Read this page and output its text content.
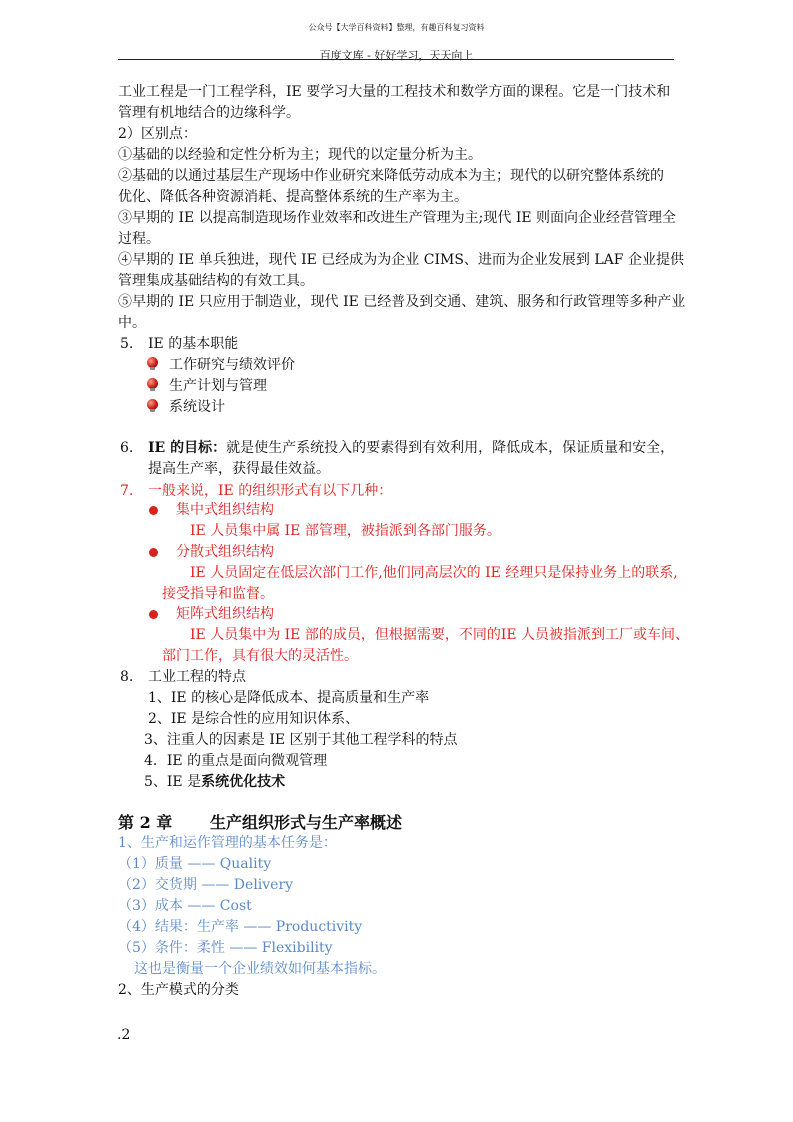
公众号【大学百科资料】整理，有趣百科复习资料
百度文库 - 好好学习，天天向上
工业工程是一门工程学科，IE 要学习大量的工程技术和数学方面的课程。它是一门技术和
管理有机地结合的边缘科学。
2）区别点：
①基础的以经验和定性分析为主；现代的以定量分析为主。
②基础的以通过基层生产现场中作业研究来降低劳动成本为主；现代的以研究整体系统的
优化、降低各种资源消耗、提高整体系统的生产率为主。
③早期的 IE 以提高制造现场作业效率和改进生产管理为主;现代 IE 则面向企业经营管理全
过程。
④早期的 IE 单兵独进，现代 IE 已经成为为企业 CIMS、进而为企业发展到 LAF 企业提供
管理集成基础结构的有效工具。
⑤早期的 IE 只应用于制造业，现代 IE 已经普及到交通、建筑、服务和行政管理等多种产业
中。
5. IE 的基本职能
工作研究与绩效评价
生产计划与管理
系统设计
6. IE 的目标：就是使生产系统投入的要素得到有效利用，降低成本，保证质量和安全，
提高生产率，获得最佳效益。
7. 一般来说，IE 的组织形式有以下几种：
集中式组织结构
IE 人员集中属 IE 部管理，被指派到各部门服务。
分散式组织结构
IE 人员固定在低层次部门工作,他们同高层次的 IE 经理只是保持业务上的联系,
接受指导和监督。
矩阵式组织结构
IE 人员集中为 IE 部的成员，但根据需要，不同的IE 人员被指派到工厂或车间、
部门工作，具有很大的灵活性。
8. 工业工程的特点
1、IE 的核心是降低成本、提高质量和生产率
2、IE 是综合性的应用知识体系、
3、注重人的因素是 IE 区别于其他工程学科的特点
4．IE 的重点是面向微观管理
5、IE 是系统优化技术
第 2 章 生产组织形式与生产率概述
1、生产和运作管理的基本任务是：
（1）质量 —— Quality
（2）交货期 —— Delivery
（3）成本 —— Cost
（4）结果：生产率 —— Productivity
（5）条件：柔性 —— Flexibility
这也是衡量一个企业绩效如何基本指标。
2、生产模式的分类
.2
